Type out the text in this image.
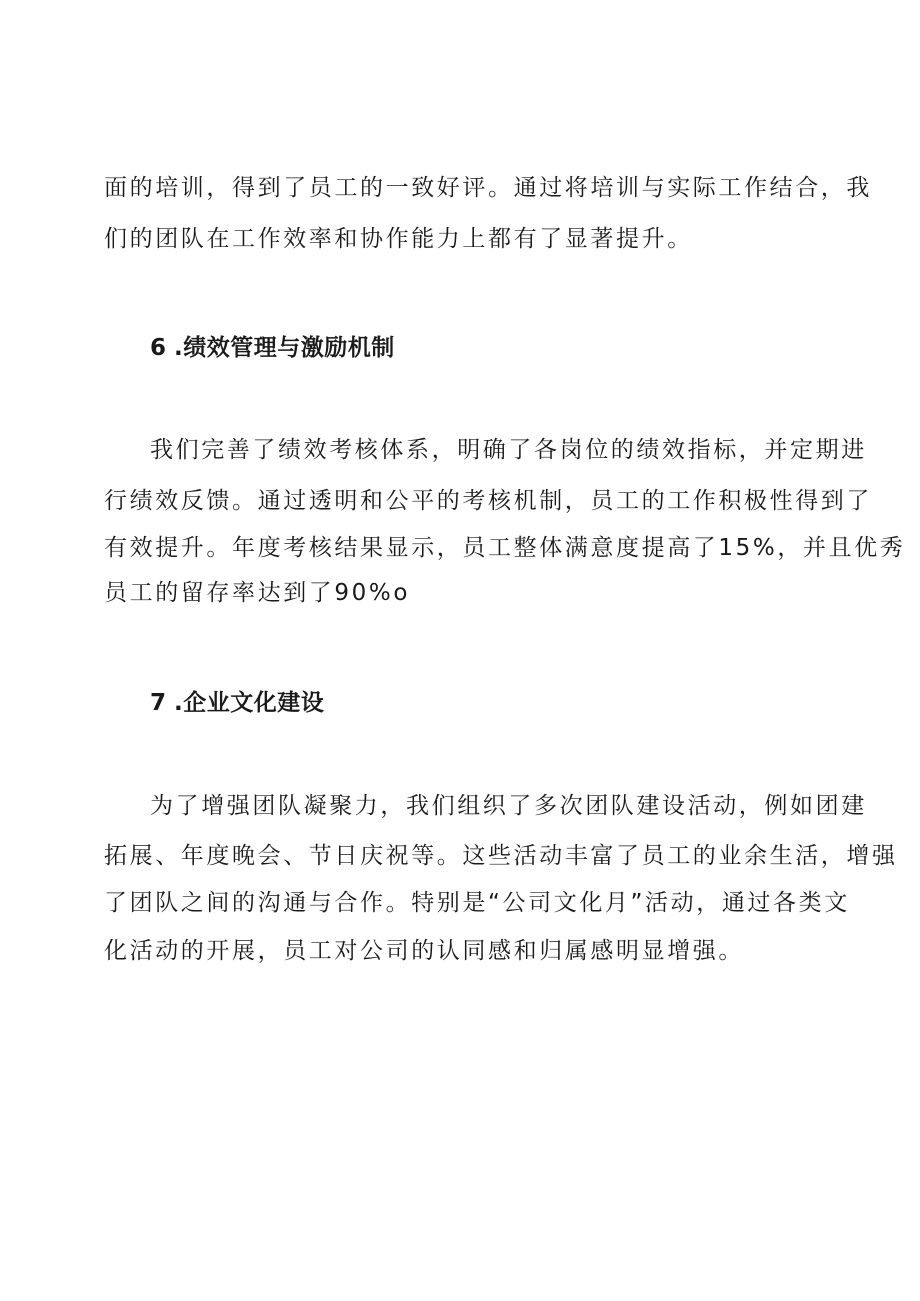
面的培训，得到了员工的一致好评。通过将培训与实际工作结合，我
们的团队在工作效率和协作能力上都有了显著提升。
6 .绩效管理与激励机制
我们完善了绩效考核体系，明确了各岗位的绩效指标，并定期进
行绩效反馈。通过透明和公平的考核机制，员工的工作积极性得到了
有效提升。年度考核结果显示，员工整体满意度提高了15%，并且优秀
员工的留存率达到了90%o
7 .企业文化建设
为了增强团队凝聚力，我们组织了多次团队建设活动，例如团建
拓展、年度晚会、节日庆祝等。这些活动丰富了员工的业余生活，增强
了团队之间的沟通与合作。特别是“公司文化月”活动，通过各类文
化活动的开展，员工对公司的认同感和归属感明显增强。
